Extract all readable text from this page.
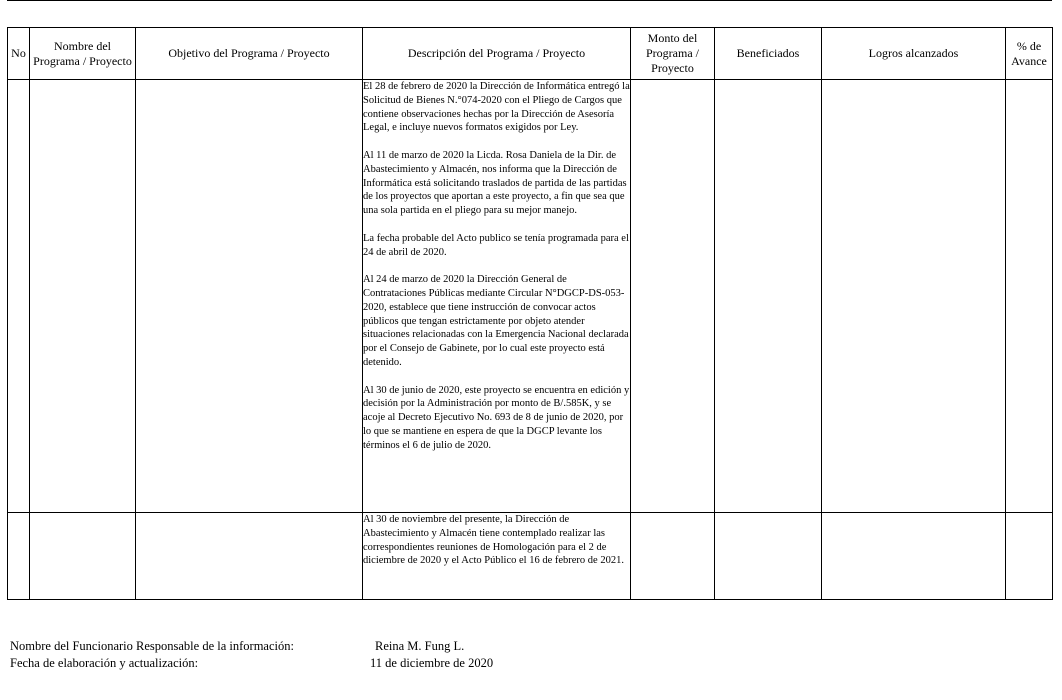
No	Nombre del Programa / Proyecto	Objetivo del Programa / Proyecto	Descripción del Programa / Proyecto	Monto del Programa / Proyecto	Beneficiados	Logros alcanzados	% de Avance

			El 28 de febrero de 2020 la Dirección de Informática entregó la Solicitud de Bienes N.°074-2020 con el Pliego de Cargos que contiene observaciones hechas por la Dirección de Asesoría Legal, e incluye nuevos formatos exigidos por Ley.

Al 11 de marzo de 2020 la Licda. Rosa Daniela de la Dir. de Abastecimiento y Almacén, nos informa que la Dirección de Informática está solicitando traslados de partida de las partidas de los proyectos que aportan a este proyecto, a fin que sea que una sola partida en el pliego para su mejor manejo.

La fecha probable del Acto publico se tenía programada para el 24 de abril de 2020.

Al 24 de marzo de 2020 la Dirección General de Contrataciones Públicas mediante Circular N°DGCP-DS-053-2020, establece que tiene instrucción de convocar actos públicos que tengan estrictamente por objeto atender situaciones relacionadas con la Emergencia Nacional declarada por el Consejo de Gabinete, por lo cual este proyecto está detenido.

Al 30 de junio de 2020, este proyecto se encuentra en edición y decisión por la Administración por monto de B/.585K, y se acoje al Decreto Ejecutivo No. 693 de 8 de junio de 2020, por lo que se mantiene en espera de que la DGCP levante los términos el 6 de julio de 2020.				

			Al 30 de noviembre del presente, la Dirección de Abastecimiento y Almacén tiene contemplado realizar las correspondientes reuniones de Homologación para el 2 de diciembre de 2020 y el Acto Público el 16 de febrero de 2021.				

Nombre del Funcionario Responsable de la información:	Reina M. Fung L.
Fecha de elaboración y actualización:	11 de diciembre de 2020
